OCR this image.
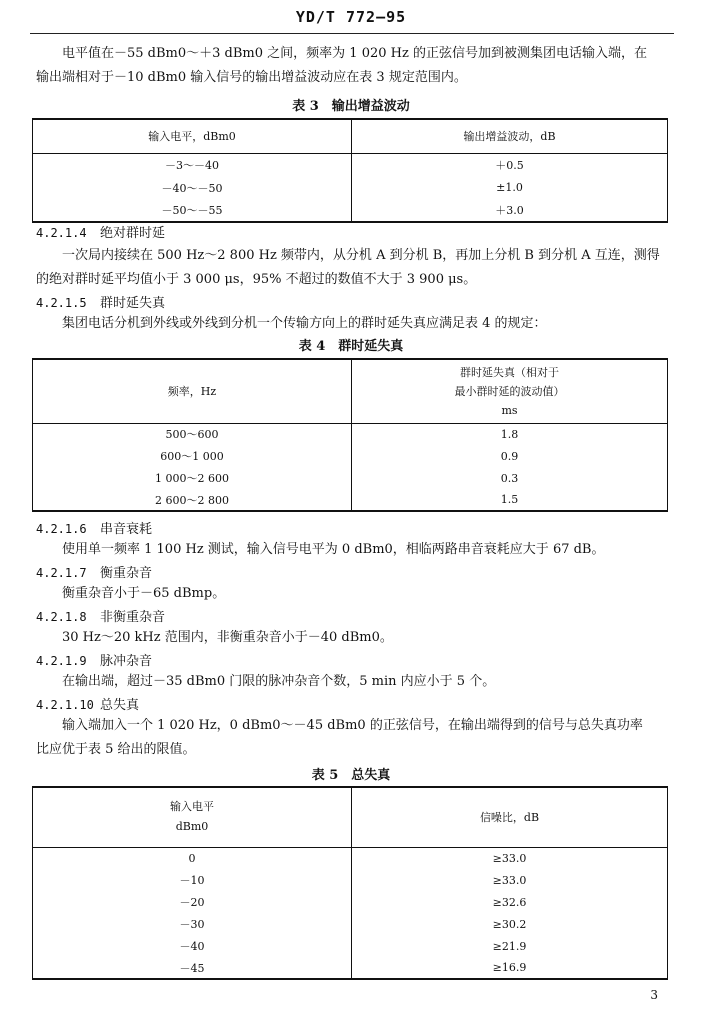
YD/T 772—95
电平值在－55 dBm0～＋3 dBm0 之间，频率为 1 020 Hz 的正弦信号加到被测集团电话输入端，在
输出端相对于－10 dBm0 输入信号的输出增益波动应在表 3 规定范围内。
表 3　输出增益波动
输入电平，dBm0	输出增益波动，dB
－3～－40	＋0.5
－40～－50	±1.0
－50～－55	＋3.0
4.2.1.4 绝对群时延
一次局内接续在 500 Hz～2 800 Hz 频带内，从分机 A 到分机 B，再加上分机 B 到分机 A 互连，测得
的绝对群时延平均值小于 3 000 μs，95% 不超过的数值不大于 3 900 μs。
4.2.1.5 群时延失真
集团电话分机到外线或外线到分机一个传输方向上的群时延失真应满足表 4 的规定：
表 4　群时延失真
频率，Hz	群时延失真（相对于
最小群时延的波动值）
ms

500～600	1.8
600～1 000	0.9
1 000～2 600	0.3
2 600～2 800	1.5
4.2.1.6 串音衰耗
使用单一频率 1 100 Hz 测试，输入信号电平为 0 dBm0，相临两路串音衰耗应大于 67 dB。
4.2.1.7 衡重杂音
衡重杂音小于－65 dBmp。
4.2.1.8 非衡重杂音
30 Hz～20 kHz 范围内，非衡重杂音小于－40 dBm0。
4.2.1.9 脉冲杂音
在输出端，超过－35 dBm0 门限的脉冲杂音个数，5 min 内应小于 5 个。
4.2.1.10 总失真
输入端加入一个 1 020 Hz，0 dBm0～－45 dBm0 的正弦信号，在输出端得到的信号与总失真功率
比应优于表 5 给出的限值。
表 5　总失真
输入电平
dBm0	信噪比，dB
0	≥33.0
－10	≥33.0
－20	≥32.6
－30	≥30.2
－40	≥21.9
－45	≥16.9
3
